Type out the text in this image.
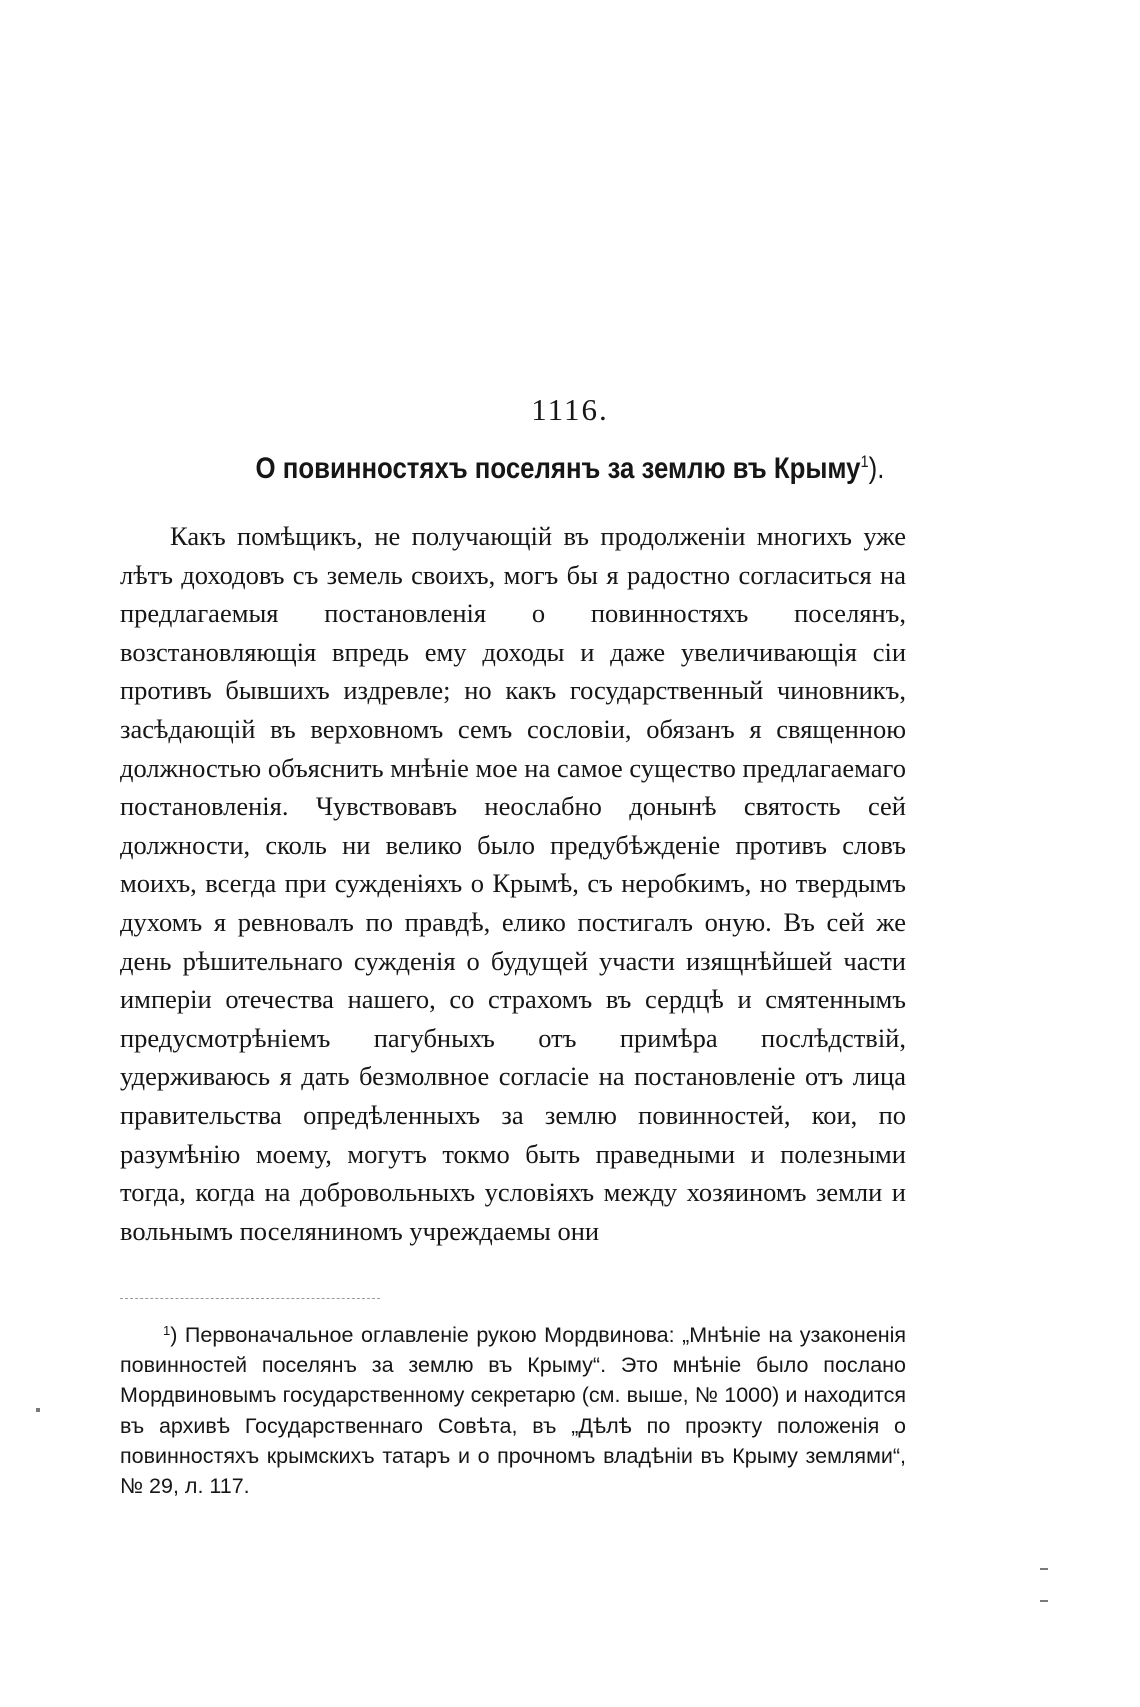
1116.
О повинностяхъ поселянъ за землю въ Крыму$^1$).

Какъ помѣщикъ, не получающій въ продолженіи многихъ уже лѣтъ доходовъ съ земель своихъ, могъ бы я радостно согласиться на предлагаемыя постановленія о повинностяхъ поселянъ, возстановляющія впредь ему доходы и даже увеличивающія сіи противъ бывшихъ издревле; но какъ государственный чиновникъ, засѣдающій въ верховномъ семъ сословіи, обязанъ я священною должностью объяснить мнѣніе мое на самое существо предлагаемаго постановленія. Чувствовавъ неослабно донынѣ святость сей должности, сколь ни велико было предубѣжденіе противъ словъ моихъ, всегда при сужденіяхъ о Крымѣ, съ неробкимъ, но твердымъ духомъ я ревновалъ по правдѣ, елико постигалъ оную. Въ сей же день рѣшительнаго сужденія о будущей участи изящнѣйшей части имперіи отечества нашего, со страхомъ въ сердцѣ и смятеннымъ предусмотрѣніемъ пагубныхъ отъ примѣра послѣдствій, удерживаюсь я дать безмолвное согласіе на постановленіе отъ лица правительства опредѣленныхъ за землю повинностей, кои, по разумѣнію моему, могутъ токмо быть праведными и полезными тогда, когда на добровольныхъ условіяхъ между хозяиномъ земли и вольнымъ поселяниномъ учреждаемы они

$^1$) Первоначальное оглавленіе рукою Мордвинова: „Мнѣніе на узаконенія повинностей поселянъ за землю въ Крыму“. Это мнѣніе было послано Мордвиновымъ государственному секретарю (см. выше, № 1000) и находится въ архивѣ Государственнаго Совѣта, въ „Дѣлѣ по проэкту положенія о повинностяхъ крымскихъ татаръ и о прочномъ владѣніи въ Крыму землями“, № 29, л. 117.
